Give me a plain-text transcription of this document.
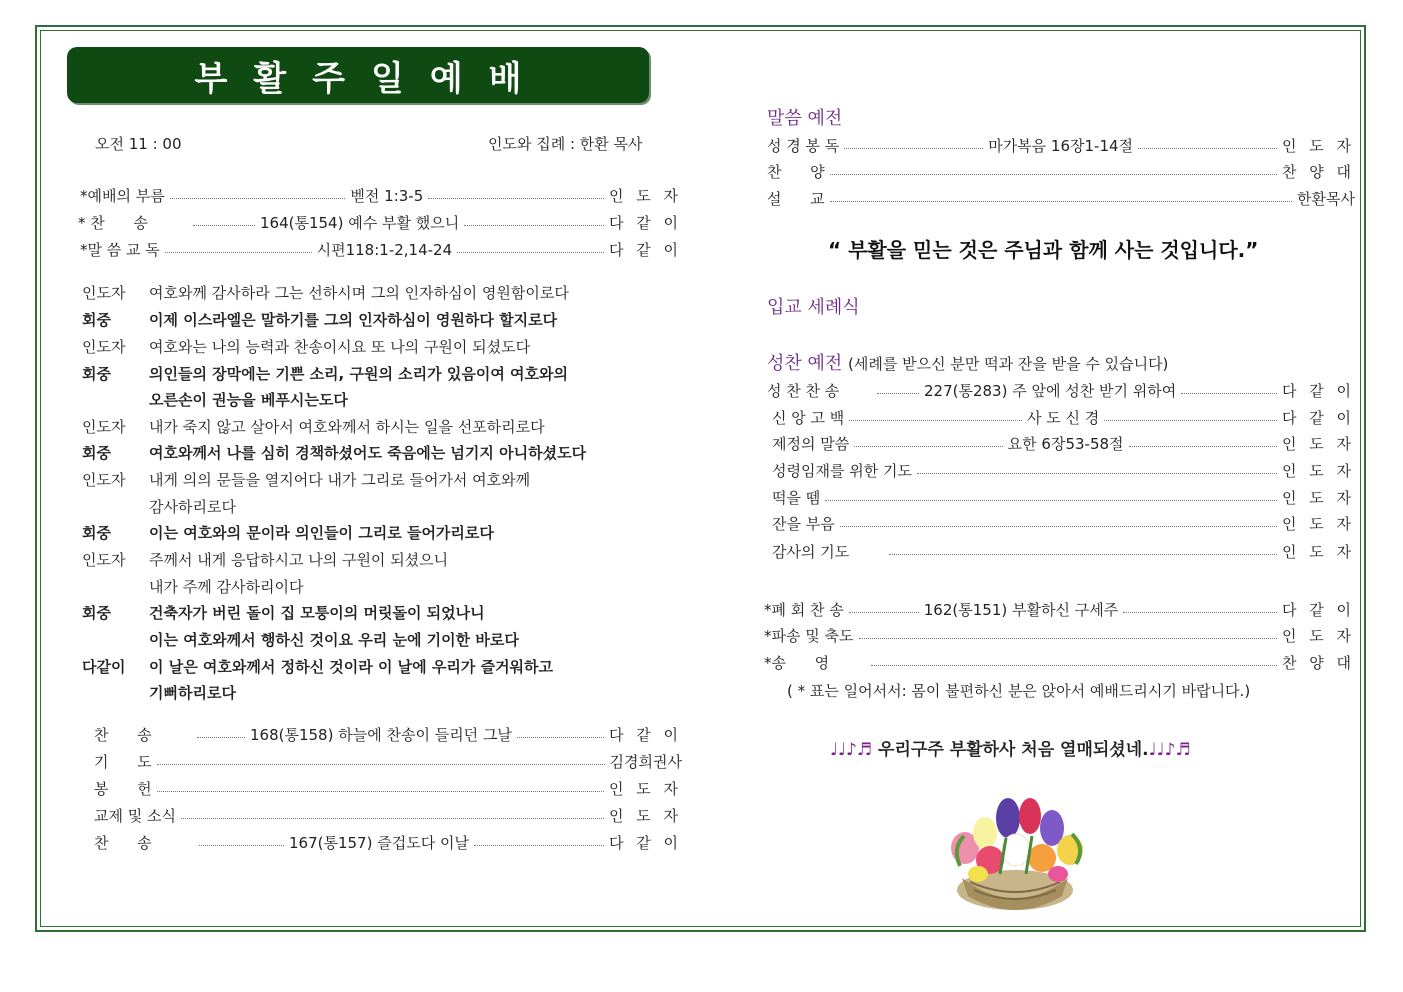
부활주일예배
오전 11 : 00	인도와 집례 : 한환 목사
*예배의 부름	벧전 1:3-5	인 도 자
* 찬      송	164(통154) 예수 부활 했으니	다 같 이
*말 씀 교 독	시편118:1-2,14-24	다 같 이
인도자	여호와께 감사하라 그는 선하시며 그의 인자하심이 영원함이로다
회중	이제 이스라엘은 말하기를 그의 인자하심이 영원하다 할지로다
인도자	여호와는 나의 능력과 찬송이시요 또 나의 구원이 되셨도다
회중	의인들의 장막에는 기쁜 소리, 구원의 소리가 있음이여 여호와의
오른손이 권능을 베푸시는도다
인도자	내가 죽지 않고 살아서 여호와께서 하시는 일을 선포하리로다
회중	여호와께서 나를 심히 경책하셨어도 죽음에는 넘기지 아니하셨도다
인도자	내게 의의 문들을 열지어다 내가 그리로 들어가서 여호와께
감사하리로다
회중	이는 여호와의 문이라 의인들이 그리로 들어가리로다
인도자	주께서 내게 응답하시고 나의 구원이 되셨으니
내가 주께 감사하리이다
회중	건축자가 버린 돌이 집 모퉁이의 머릿돌이 되었나니
이는 여호와께서 행하신 것이요 우리 눈에 기이한 바로다
다같이	이 날은 여호와께서 정하신 것이라 이 날에 우리가 즐거워하고
기뻐하리로다
찬      송	168(통158) 하늘에 찬송이 들리던 그날	다 같 이
기      도	김경희권사
봉      헌	인 도 자
교제 및 소식	인 도 자
찬      송	167(통157) 즐겁도다 이날	다 같 이
말씀 예전
성 경 봉 독	마가복음 16장1-14절	인 도 자
찬      양	찬 양 대
설      교	한환목사
“ 부활을 믿는 것은 주님과 함께 사는 것입니다.”
입교 세례식
성찬 예전 (세례를 받으신 분만 떡과 잔을 받을 수 있습니다)
성 찬 찬 송	227(통283) 주 앞에 성찬 받기 위하여	다 같 이
신 앙 고 백	사 도 신 경	다 같 이
제정의 말씀	요한 6장53-58절	인 도 자
성령임재를 위한 기도	인 도 자
떡을 뗌	인 도 자
잔을 부음	인 도 자
감사의 기도	인 도 자
*폐 회 찬 송	162(통151) 부활하신 구세주	다 같 이
*파송 및 축도	인 도 자
*송      영	찬 양 대
( * 표는 일어서서: 몸이 불편하신 분은 앉아서 예배드리시기 바랍니다.)
♩♩♪♬ 우리구주 부활하사 처음 열매되셨네.♩♩♪♬
